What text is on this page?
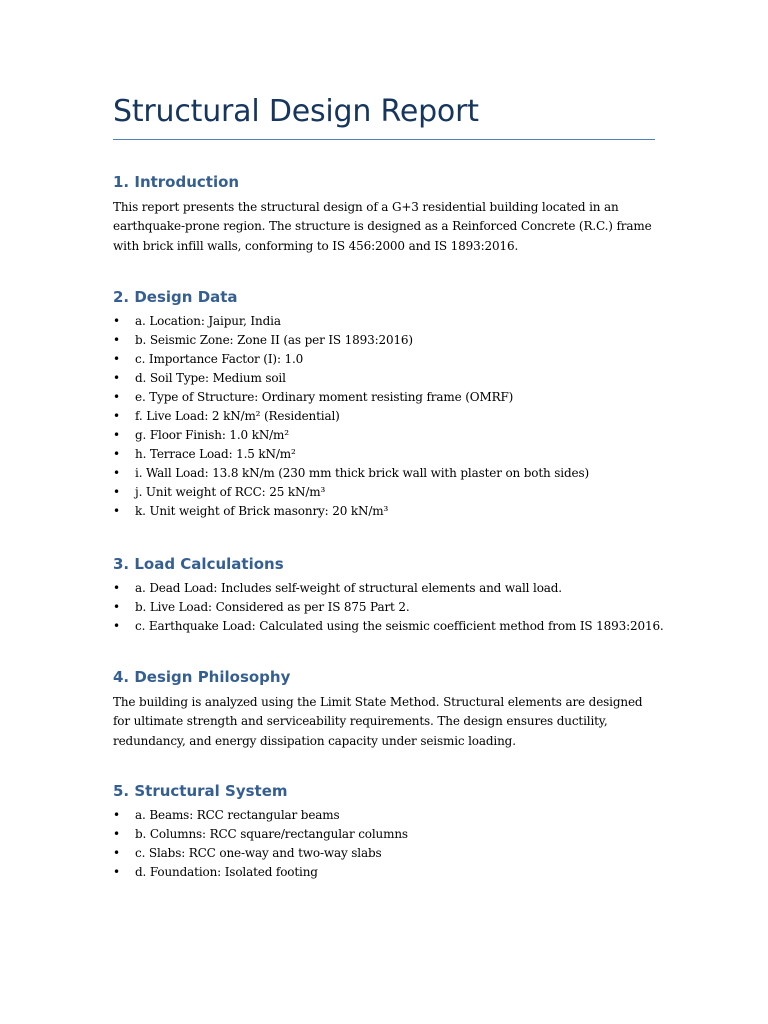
Structural Design Report
1. Introduction

This report presents the structural design of a G+3 residential building located in an earthquake-prone region. The structure is designed as a Reinforced Concrete (R.C.) frame with brick infill walls, conforming to IS 456:2000 and IS 1893:2016.

2. Design Data
• a. Location: Jaipur, India
• b. Seismic Zone: Zone II (as per IS 1893:2016)
• c. Importance Factor (I): 1.0
• d. Soil Type: Medium soil
• e. Type of Structure: Ordinary moment resisting frame (OMRF)
• f. Live Load: 2 kN/m² (Residential)
• g. Floor Finish: 1.0 kN/m²
• h. Terrace Load: 1.5 kN/m²
• i. Wall Load: 13.8 kN/m (230 mm thick brick wall with plaster on both sides)
• j. Unit weight of RCC: 25 kN/m³
• k. Unit weight of Brick masonry: 20 kN/m³
3. Load Calculations
• a. Dead Load: Includes self-weight of structural elements and wall load.
• b. Live Load: Considered as per IS 875 Part 2.
• c. Earthquake Load: Calculated using the seismic coefficient method from IS 1893:2016.
4. Design Philosophy

The building is analyzed using the Limit State Method. Structural elements are designed for ultimate strength and serviceability requirements. The design ensures ductility, redundancy, and energy dissipation capacity under seismic loading.

5. Structural System
• a. Beams: RCC rectangular beams
• b. Columns: RCC square/rectangular columns
• c. Slabs: RCC one-way and two-way slabs
• d. Foundation: Isolated footing
